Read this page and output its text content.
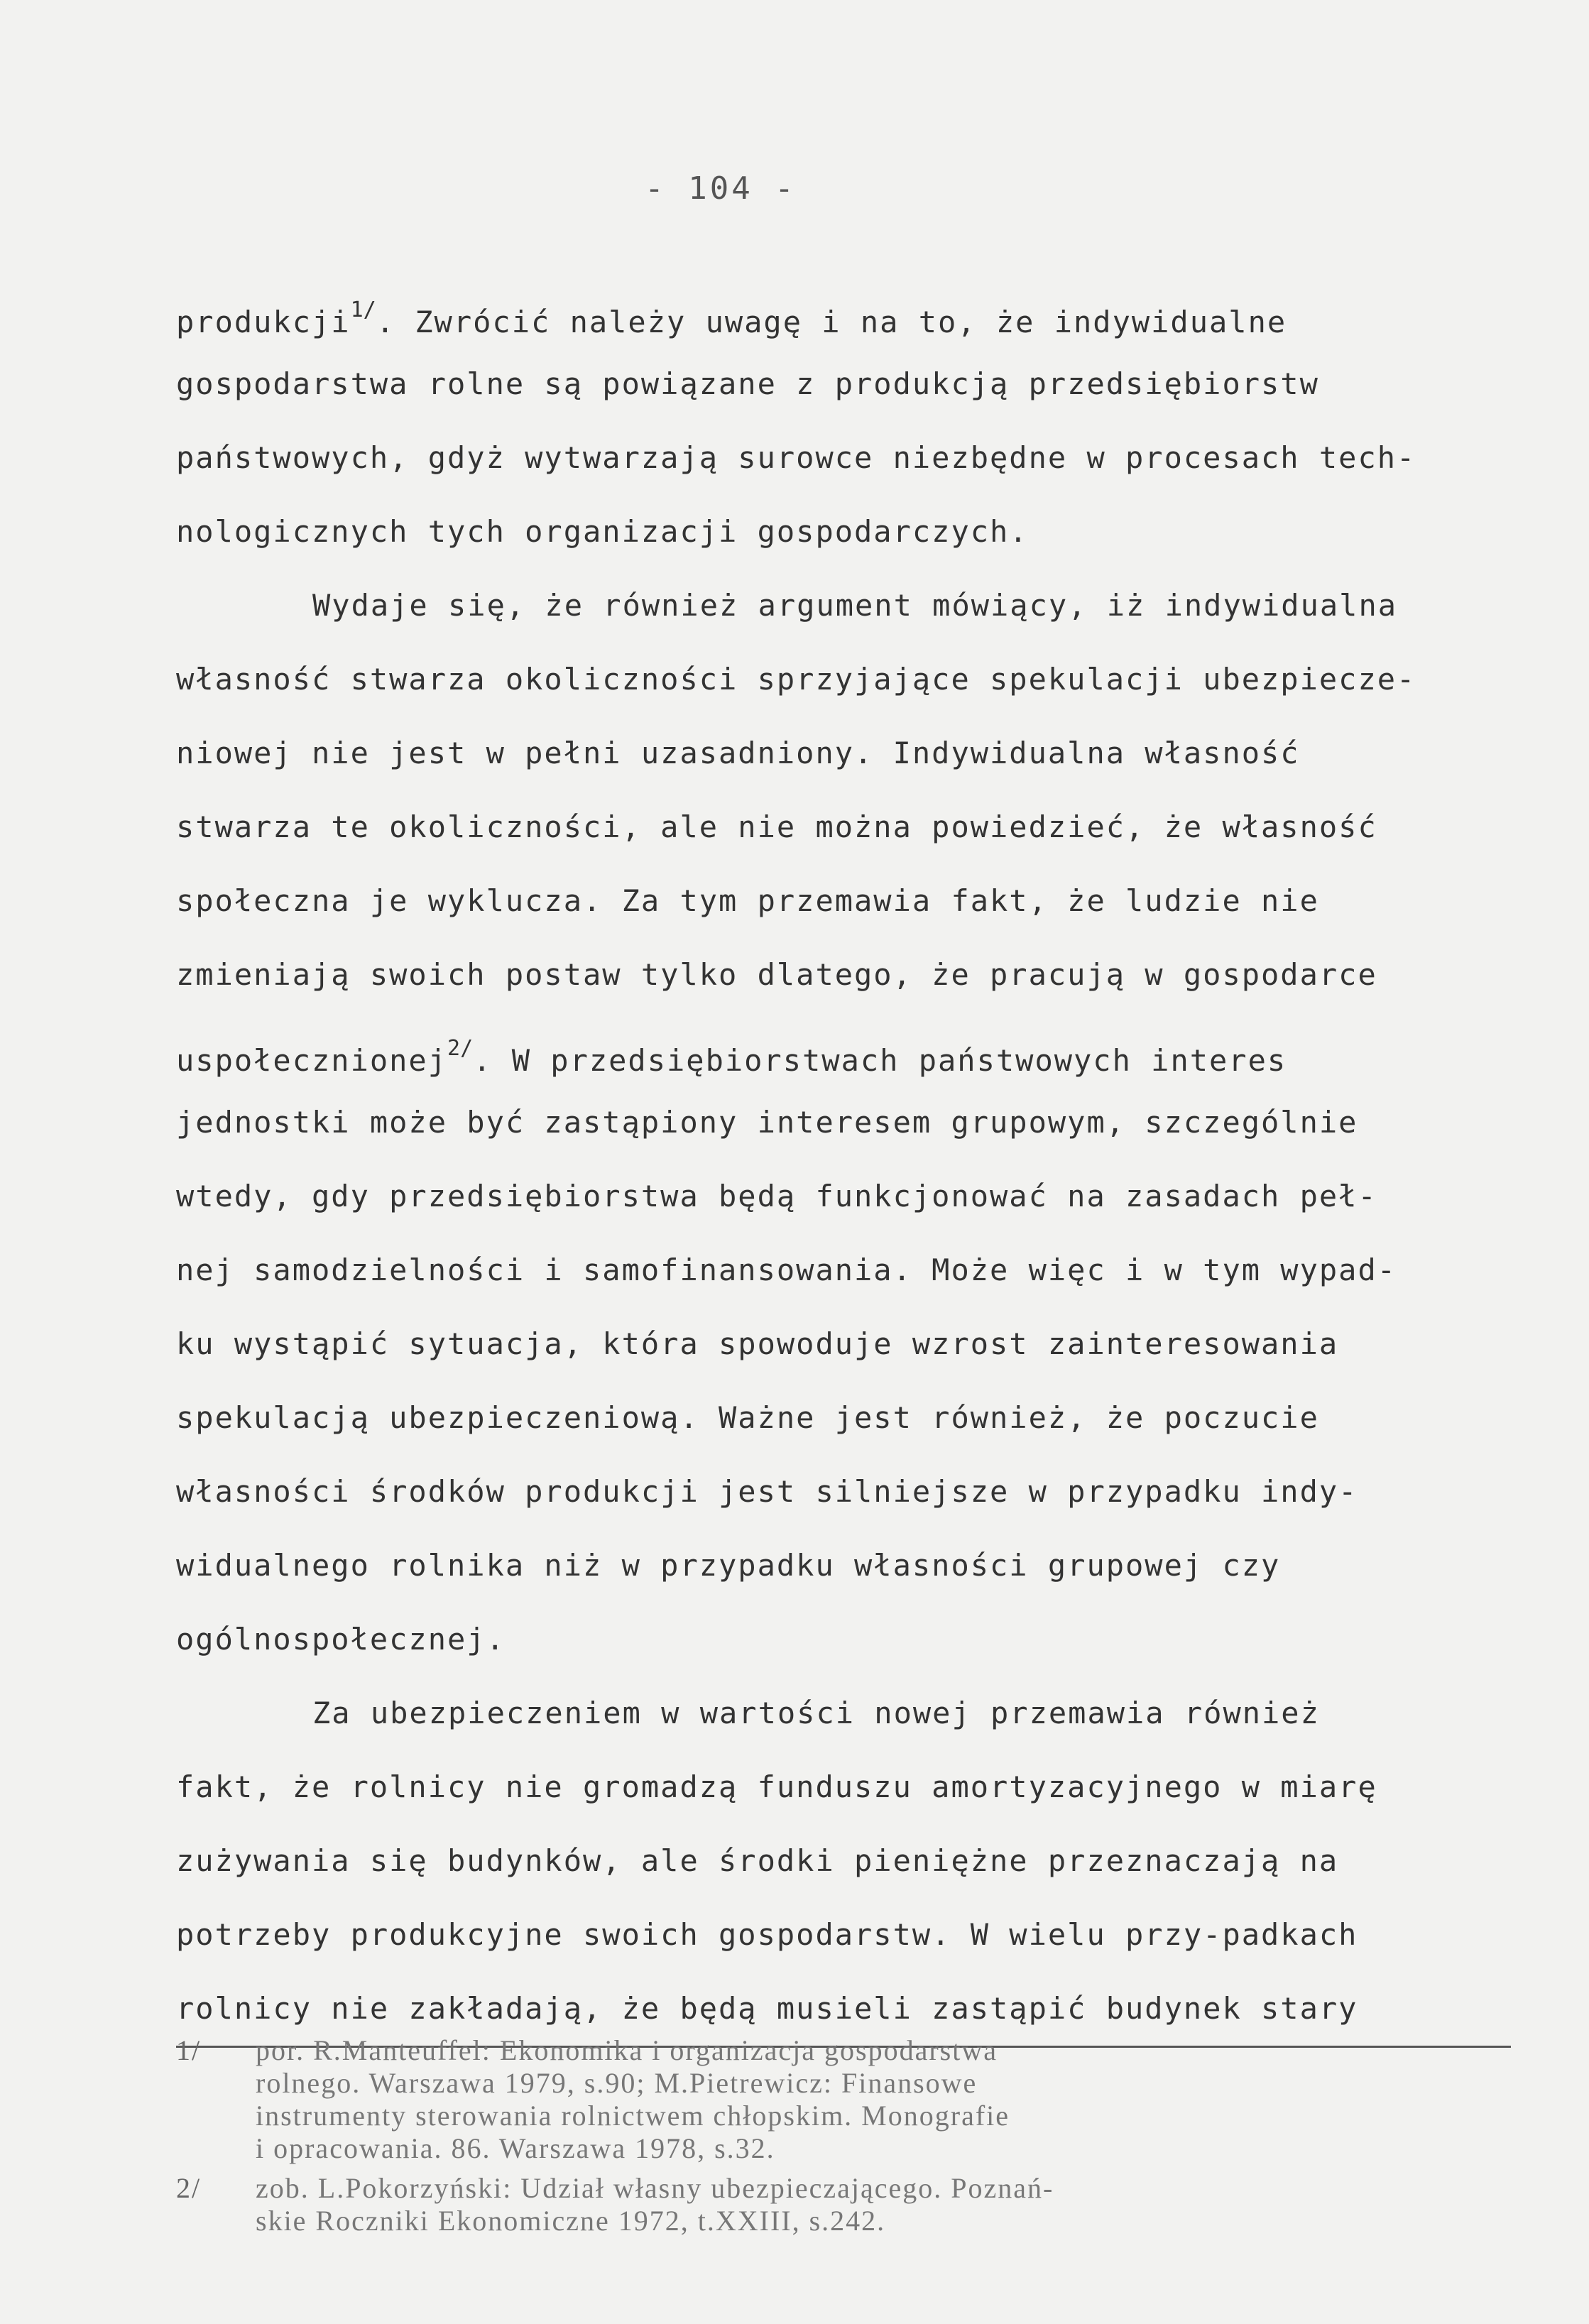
- 104 -
produkcji$^{1/}$. Zwrócić należy uwagę i na to, że indywidualne
gospodarstwa rolne są powiązane z produkcją przedsiębiorstw
państwowych, gdyż wytwarzają surowce niezbędne w procesach tech-
nologicznych tych organizacji gospodarczych.
Wydaje się, że również argument mówiący, iż indywidualna
własność stwarza okoliczności sprzyjające spekulacji ubezpiecze-
niowej nie jest w pełni uzasadniony. Indywidualna własność
stwarza te okoliczności, ale nie można powiedzieć, że własność
społeczna je wyklucza. Za tym przemawia fakt, że ludzie nie
zmieniają swoich postaw tylko dlatego, że pracują w gospodarce
uspołecznionej$^{2/}$. W przedsiębiorstwach państwowych interes
jednostki może być zastąpiony interesem grupowym, szczególnie
wtedy, gdy przedsiębiorstwa będą funkcjonować na zasadach peł-
nej samodzielności i samofinansowania. Może więc i w tym wypad-
ku wystąpić sytuacja, która spowoduje wzrost zainteresowania
spekulacją ubezpieczeniową. Ważne jest również, że poczucie
własności środków produkcji jest silniejsze w przypadku indy-
widualnego rolnika niż w przypadku własności grupowej czy
ogólnospołecznej.
Za ubezpieczeniem w wartości nowej przemawia również
fakt, że rolnicy nie gromadzą funduszu amortyzacyjnego w miarę
zużywania się budynków, ale środki pieniężne przeznaczają na
potrzeby produkcyjne swoich gospodarstw. W wielu przy-padkach
rolnicy nie zakładają, że będą musieli zastąpić budynek stary
1/ por. R.Manteuffel: Ekonomika i organizacja gospodarstwa
rolnego. Warszawa 1979, s.90; M.Pietrewicz: Finansowe
instrumenty sterowania rolnictwem chłopskim. Monografie
i opracowania. 86. Warszawa 1978, s.32.
2/ zob. L.Pokorzyński: Udział własny ubezpieczającego. Poznań-
skie Roczniki Ekonomiczne 1972, t.XXIII, s.242.
